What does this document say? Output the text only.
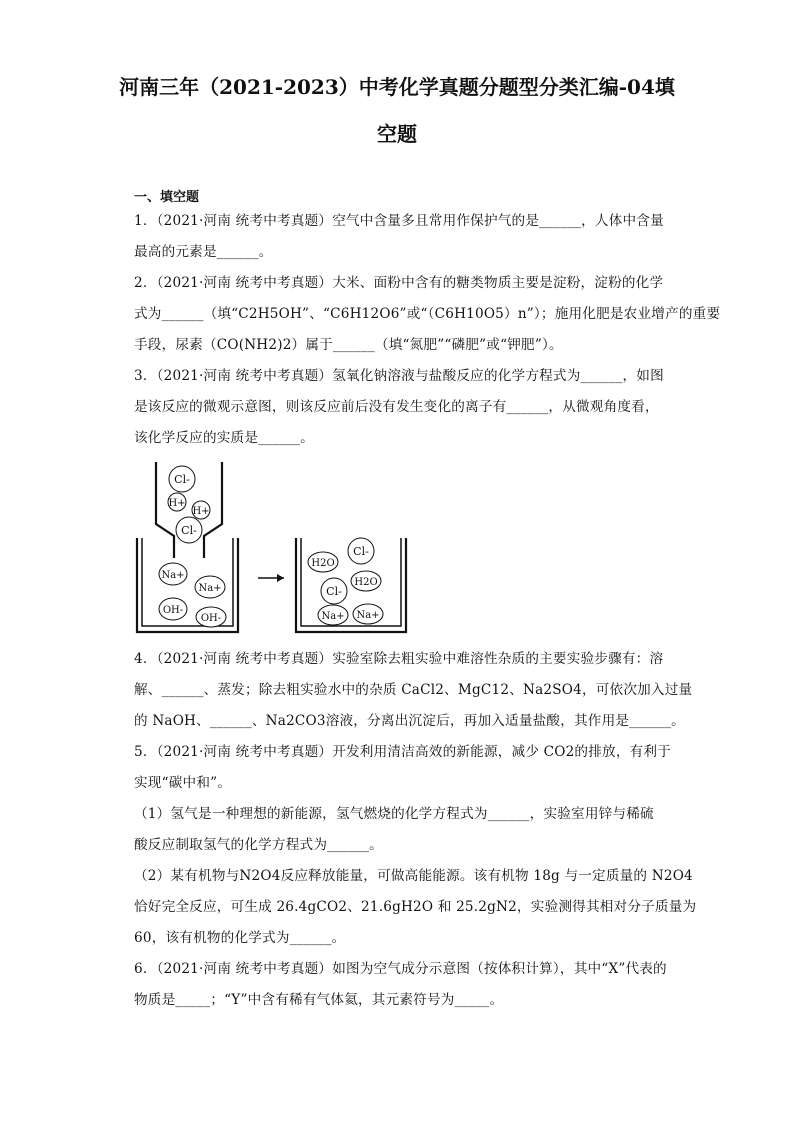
河南三年（2021-2023）中考化学真题分题型分类汇编-04填
空题
一、填空题
1．（2021·河南 统考中考真题）空气中含量多且常用作保护气的是______，人体中含量
最高的元素是______。
2．（2021·河南 统考中考真题）大米、面粉中含有的糖类物质主要是淀粉，淀粉的化学
式为______（填“C2H5OH”、“C6H12O6”或“（C6H10O5）n”）；施用化肥是农业增产的重要
手段，尿素（CO(NH2)2）属于______（填“氮肥”“磷肥”或“钾肥”）。
3．（2021·河南 统考中考真题）氢氧化钠溶液与盐酸反应的化学方程式为______，如图
是该反应的微观示意图，则该反应前后没有发生变化的离子有______，从微观角度看，
该化学反应的实质是______。
Cl-
H+
H+
Cl-
Na+
Na+
OH-
OH-
H2O
Cl-
H2O
Cl-
Na+ Na+
4．（2021·河南 统考中考真题）实验室除去粗实验中难溶性杂质的主要实验步骤有：溶
解、______、蒸发；除去粗实验水中的杂质 CaCl2、MgC12、Na2SO4，可依次加入过量
的 NaOH、______、Na2CO3溶液，分离出沉淀后，再加入适量盐酸，其作用是______。
5．（2021·河南 统考中考真题）开发利用清洁高效的新能源，减少 CO2的排放，有利于
实现“碳中和”。
（1）氢气是一种理想的新能源，氢气燃烧的化学方程式为______，实验室用锌与稀硫
酸反应制取氢气的化学方程式为______。
（2）某有机物与N2O4反应释放能量，可做高能能源。该有机物 18g 与一定质量的 N2O4
恰好完全反应，可生成 26.4gCO2、21.6gH2O 和 25.2gN2，实验测得其相对分子质量为
60，该有机物的化学式为______。
6．（2021·河南 统考中考真题）如图为空气成分示意图（按体积计算），其中“X”代表的
物质是_____；“Y”中含有稀有气体氦，其元素符号为_____。
